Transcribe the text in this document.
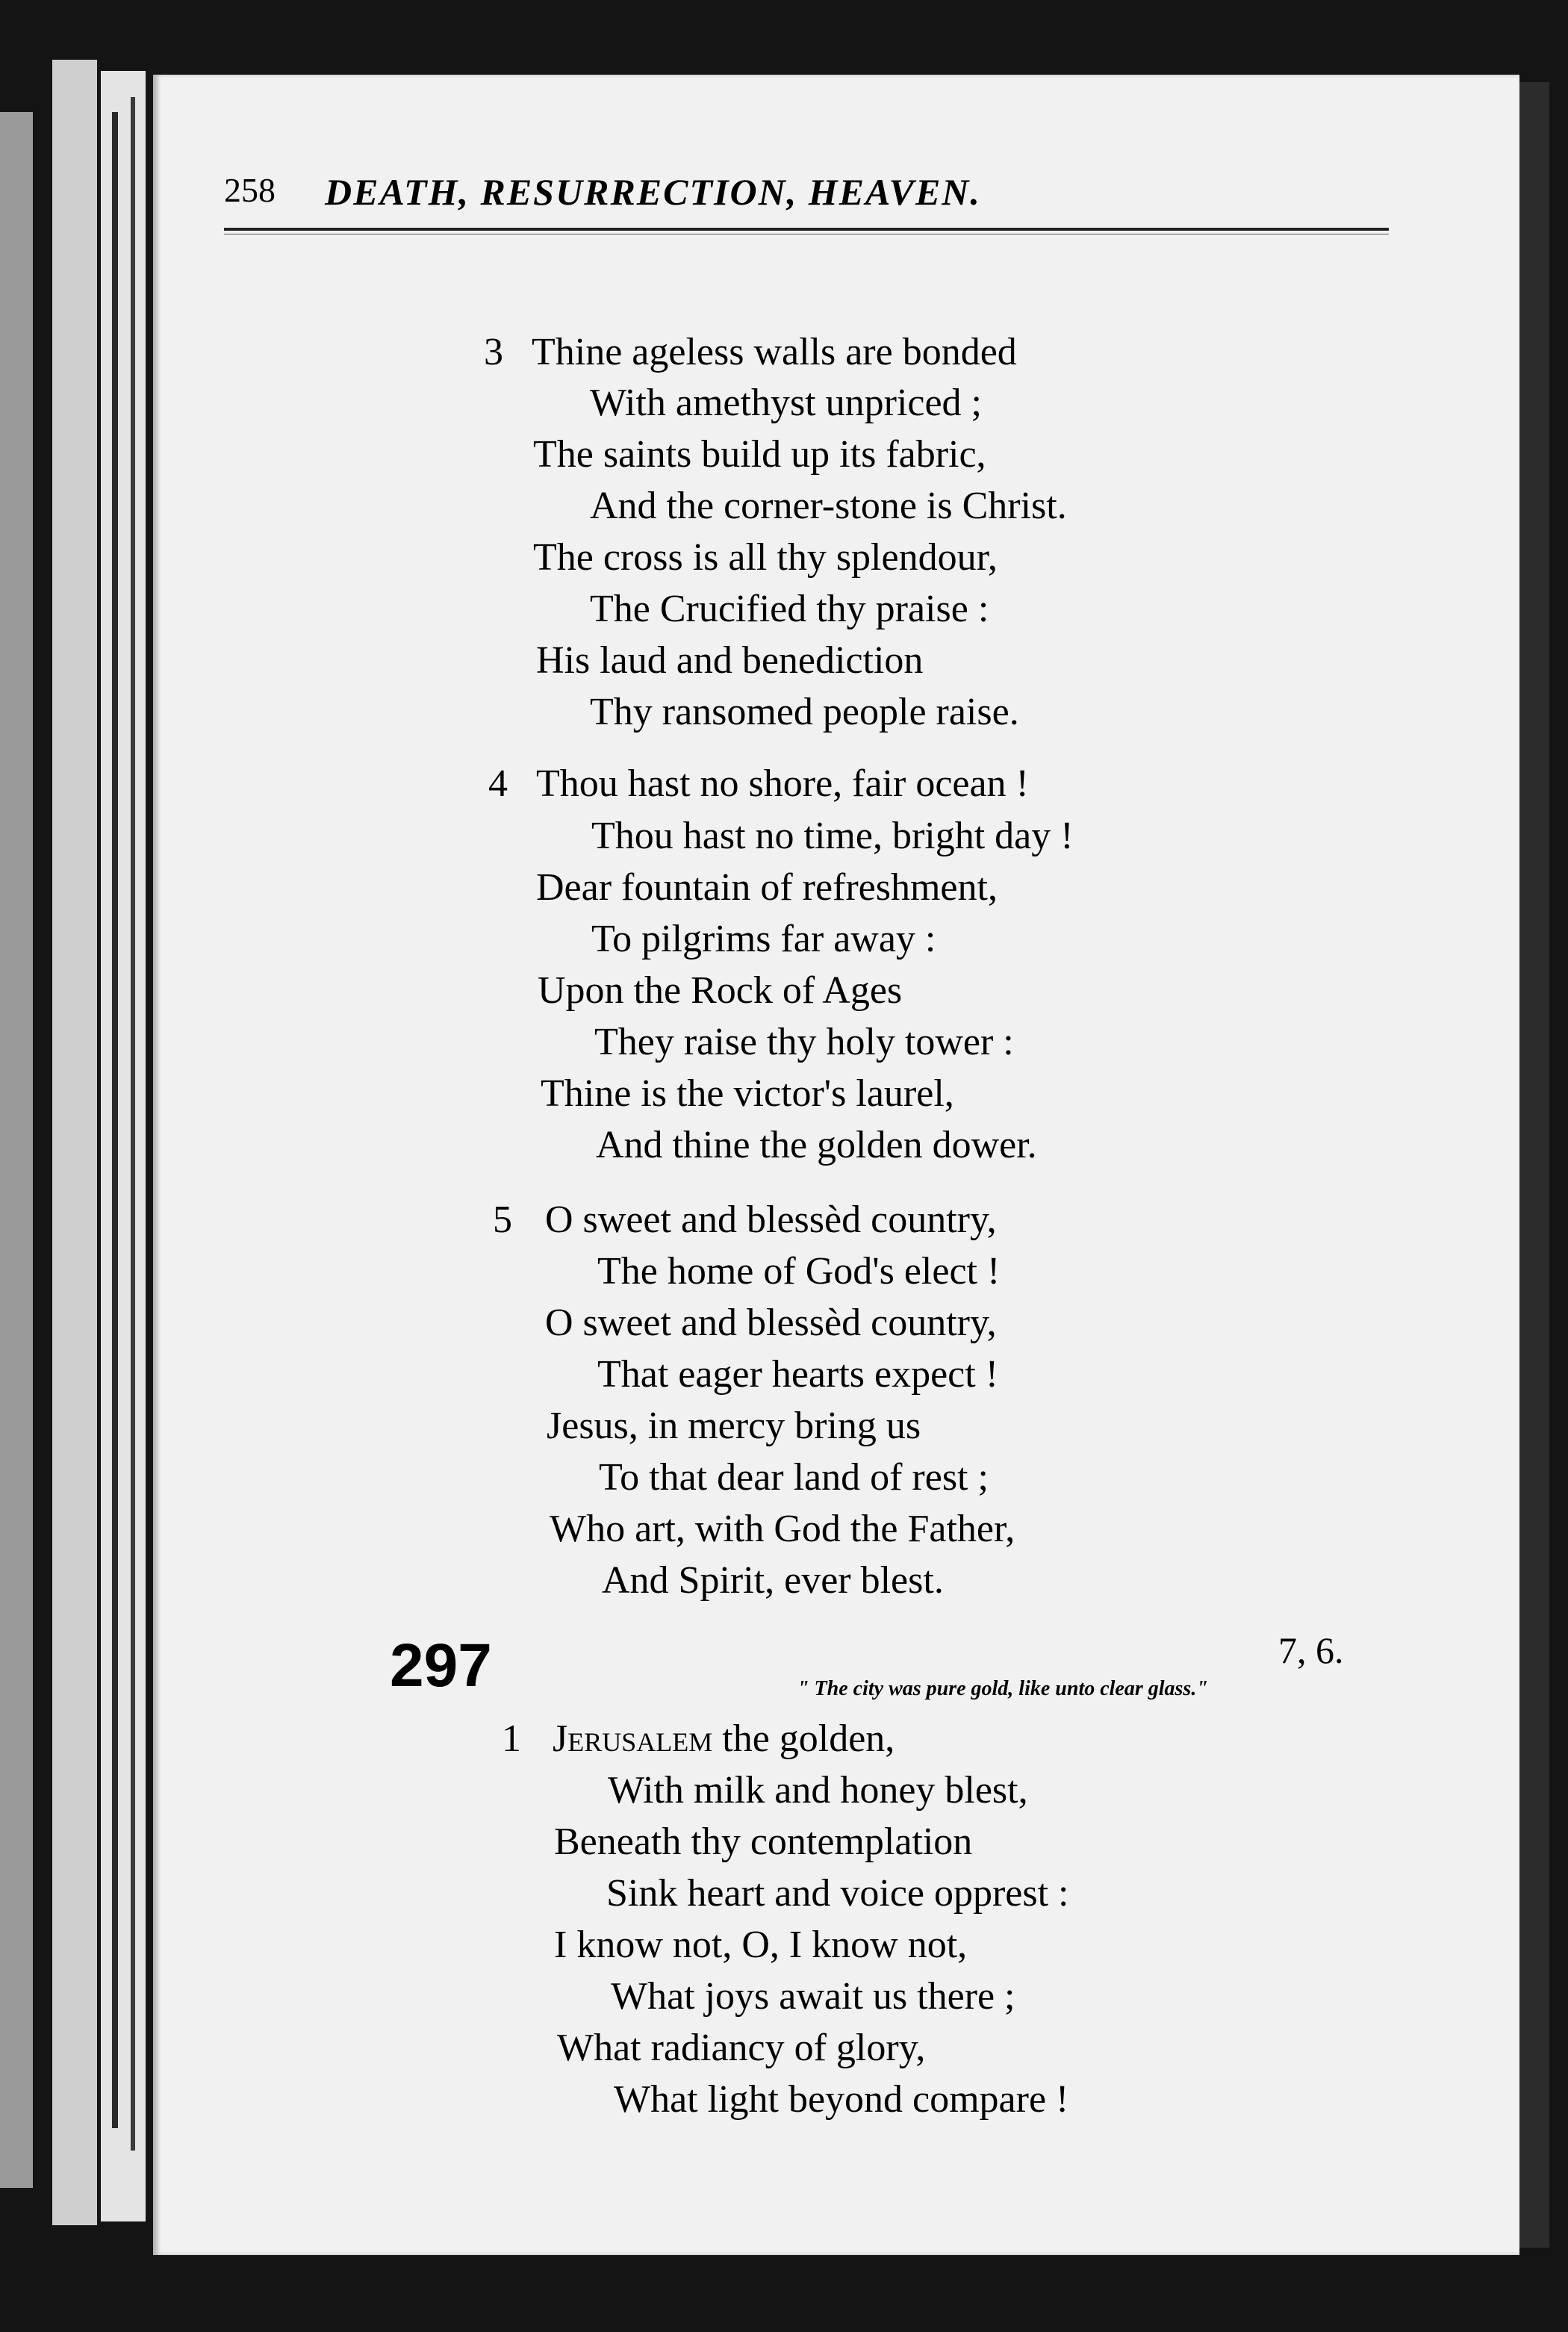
258 DEATH, RESURRECTION, HEAVEN.
3 Thine ageless walls are bonded
With amethyst unpriced ;
The saints build up its fabric,
And the corner-stone is Christ.
The cross is all thy splendour,
The Crucified thy praise :
His laud and benediction
Thy ransomed people raise.
4 Thou hast no shore, fair ocean !
Thou hast no time, bright day !
Dear fountain of refreshment,
To pilgrims far away :
Upon the Rock of Ages
They raise thy holy tower :
Thine is the victor's laurel,
And thine the golden dower.
5 O sweet and blessèd country,
The home of God's elect !
O sweet and blessèd country,
That eager hearts expect !
Jesus, in mercy bring us
To that dear land of rest ;
Who art, with God the Father,
And Spirit, ever blest.
297	7, 6.
" The city was pure gold, like unto clear glass."
1 Jerusalem the golden,
With milk and honey blest,
Beneath thy contemplation
Sink heart and voice opprest :
I know not, O, I know not,
What joys await us there ;
What radiancy of glory,
What light beyond compare !
